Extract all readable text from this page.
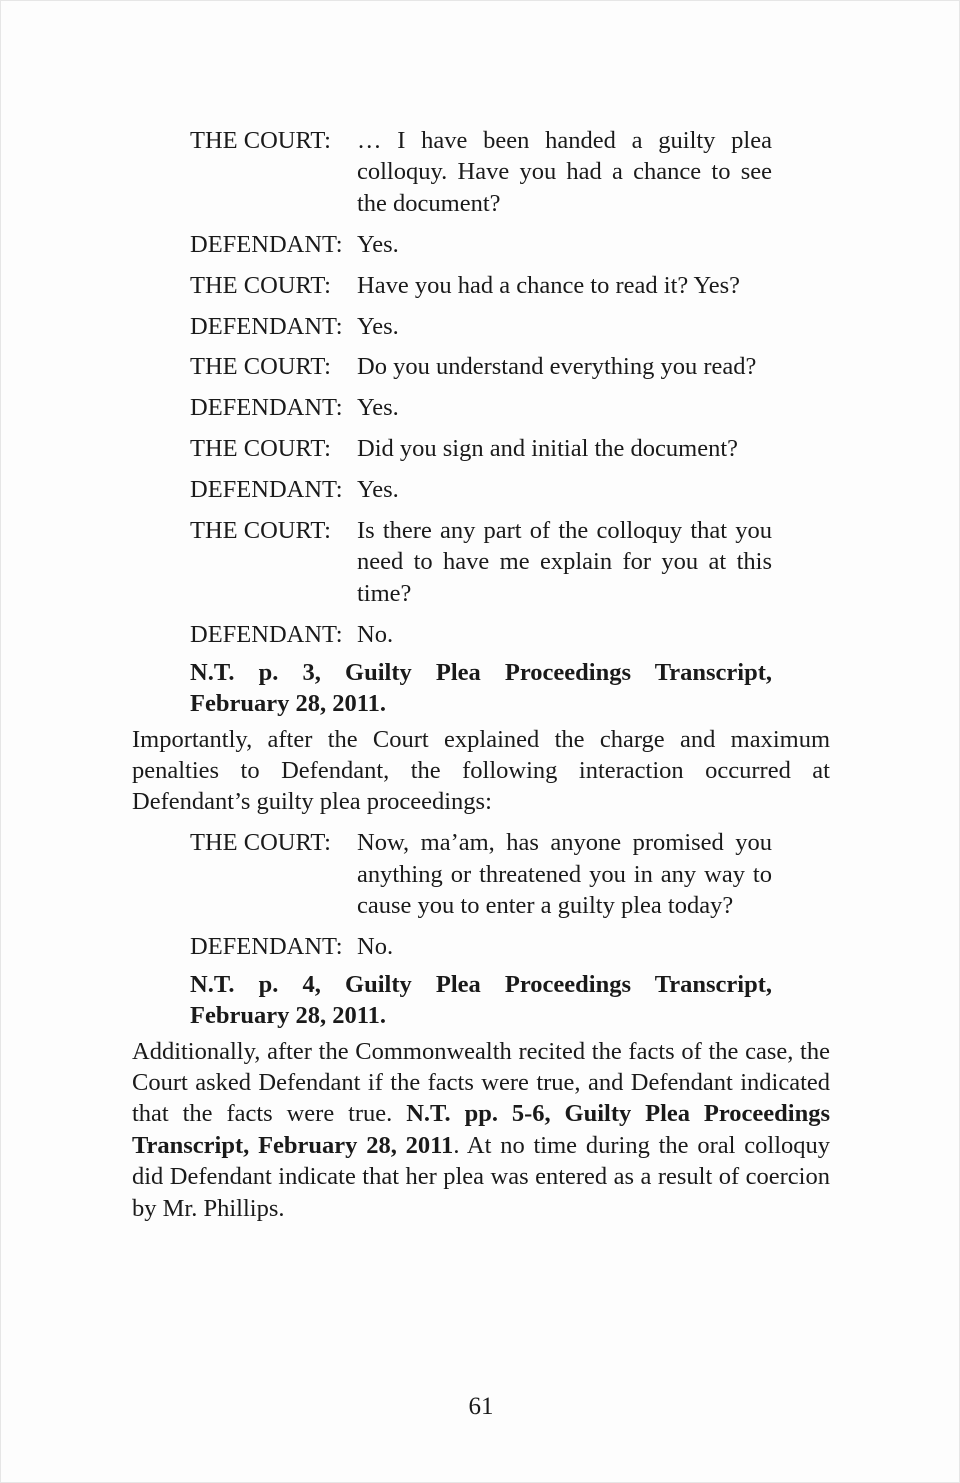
THE COURT:	… I have been handed a guilty plea colloquy. Have you had a chance to see the document?
DEFENDANT: Yes.
THE COURT:	Have you had a chance to read it? Yes?
DEFENDANT: Yes.
THE COURT:	Do you understand everything you read?
DEFENDANT: Yes.
THE COURT:	Did you sign and initial the document?
DEFENDANT: Yes.
THE COURT:	Is there any part of the colloquy that you need to have me explain for you at this time?
DEFENDANT: No.
N.T. p. 3, Guilty Plea Proceedings Transcript,
February 28, 2011.

Importantly, after the Court explained the charge and maximum penalties to Defendant, the following interaction occurred at Defendant’s guilty plea proceedings:

THE COURT:	Now, ma’am, has anyone promised you anything or threatened you in any way to cause you to enter a guilty plea today?
DEFENDANT: No.
N.T. p. 4, Guilty Plea Proceedings Transcript,
February 28, 2011.

Additionally, after the Commonwealth recited the facts of the case, the Court asked Defendant if the facts were true, and Defendant indicated that the facts were true. N.T. pp. 5-6, Guilty Plea Proceedings Transcript, February 28, 2011. At no time during the oral colloquy did Defendant indicate that her plea was entered as a result of coercion by Mr. Phillips.

61
